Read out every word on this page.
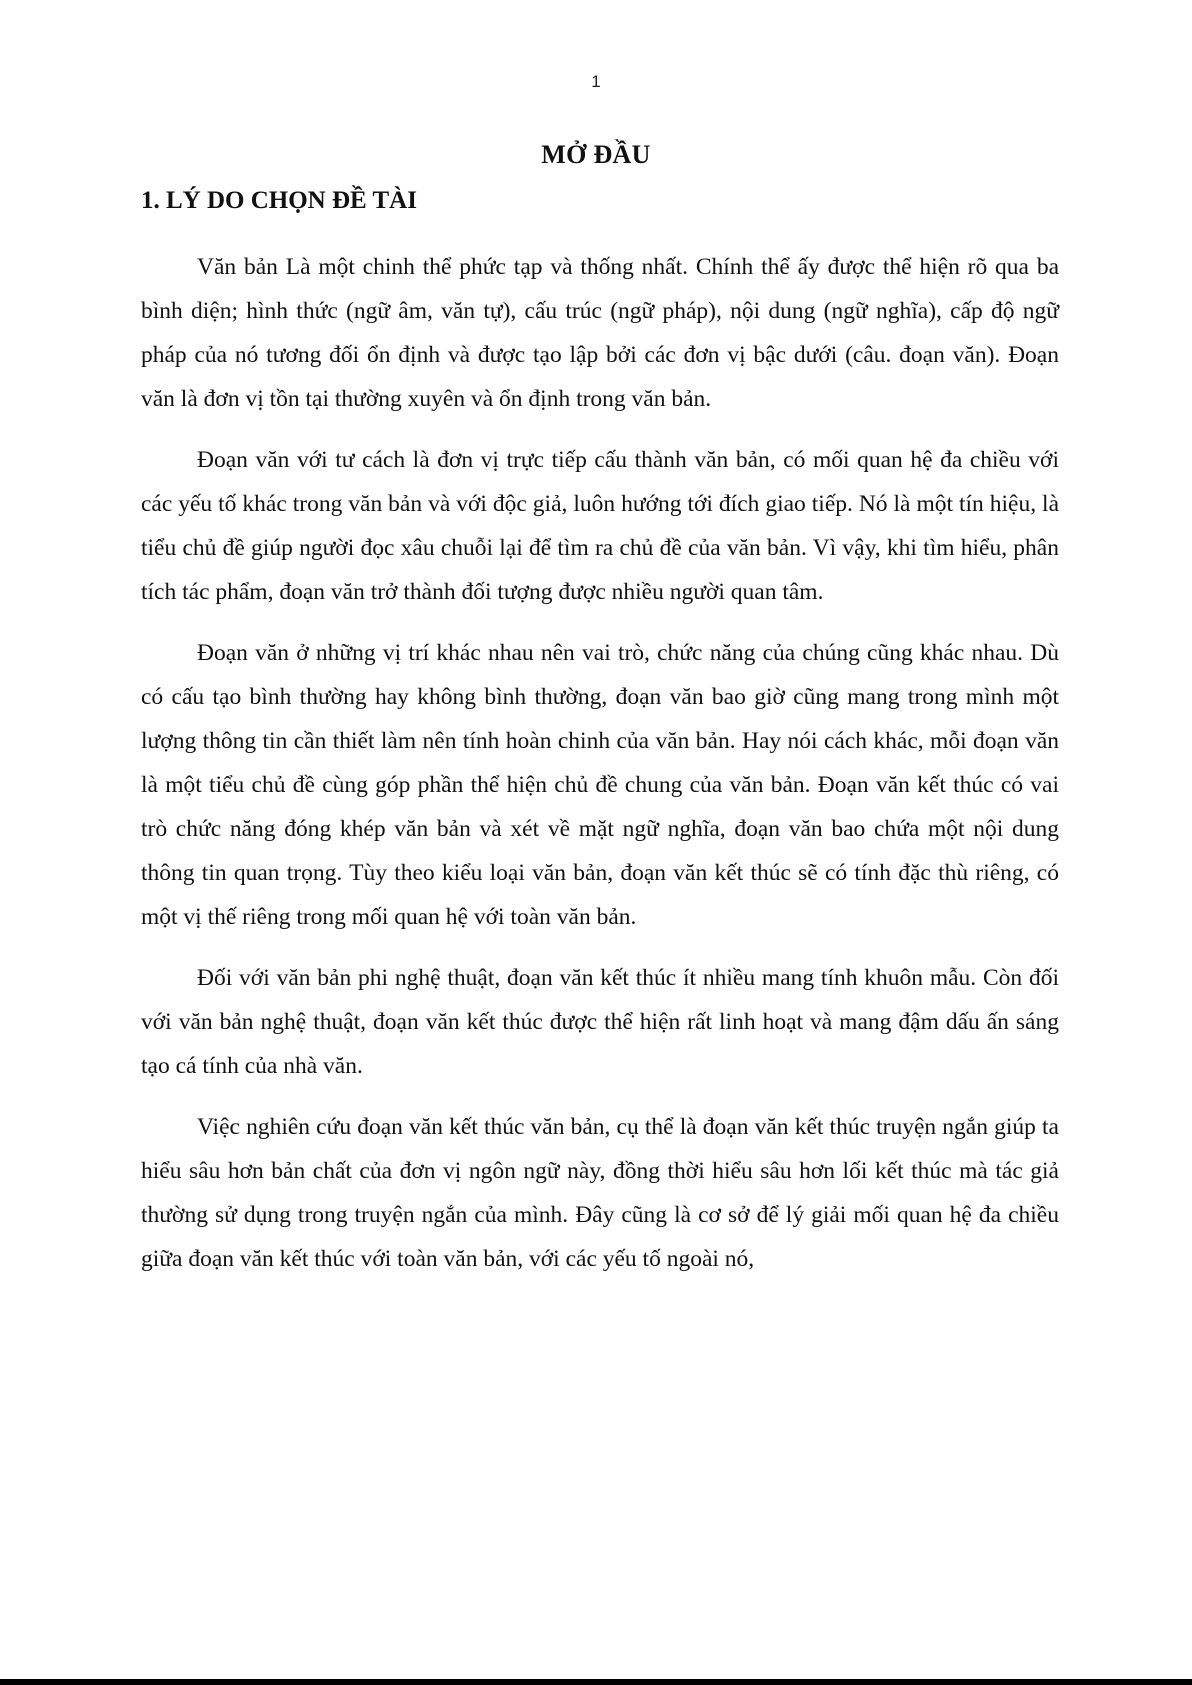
1
MỞ ĐẦU
1. LÝ DO CHỌN ĐỀ TÀI

Văn bản Là một chinh thể phức tạp và thống nhất. Chính thể ấy được thể hiện rõ qua ba bình diện; hình thức (ngữ âm, văn tự), cấu trúc (ngữ pháp), nội dung (ngữ nghĩa), cấp độ ngữ pháp của nó tương đối ổn định và được tạo lập bởi các đơn vị bậc dưới (câu. đoạn văn). Đoạn văn là đơn vị tồn tại thường xuyên và ổn định trong văn bản.

Đoạn văn với tư cách là đơn vị trực tiếp cấu thành văn bản, có mối quan hệ đa chiều với các yếu tố khác trong văn bản và với độc giả, luôn hướng tới đích giao tiếp. Nó là một tín hiệu, là tiểu chủ đề giúp người đọc xâu chuỗi lại để tìm ra chủ đề của văn bản. Vì vậy, khi tìm hiểu, phân tích tác phẩm, đoạn văn trở thành đối tượng được nhiều người quan tâm.

Đoạn văn ở những vị trí khác nhau nên vai trò, chức năng của chúng cũng khác nhau. Dù có cấu tạo bình thường hay không bình thường, đoạn văn bao giờ cũng mang trong mình một lượng thông tin cần thiết làm nên tính hoàn chinh của văn bản. Hay nói cách khác, mỗi đoạn văn là một tiểu chủ đề cùng góp phần thể hiện chủ đề chung của văn bản. Đoạn văn kết thúc có vai trò chức năng đóng khép văn bản và xét về mặt ngữ nghĩa, đoạn văn bao chứa một nội dung thông tin quan trọng. Tùy theo kiểu loại văn bản, đoạn văn kết thúc sẽ có tính đặc thù riêng, có một vị thế riêng trong mối quan hệ với toàn văn bản.

Đối với văn bản phi nghệ thuật, đoạn văn kết thúc ít nhiều mang tính khuôn mẫu. Còn đối với văn bản nghệ thuật, đoạn văn kết thúc được thể hiện rất linh hoạt và mang đậm dấu ấn sáng tạo cá tính của nhà văn.

Việc nghiên cứu đoạn văn kết thúc văn bản, cụ thể là đoạn văn kết thúc truyện ngắn giúp ta hiểu sâu hơn bản chất của đơn vị ngôn ngữ này, đồng thời hiểu sâu hơn lối kết thúc mà tác giả thường sử dụng trong truyện ngắn của mình. Đây cũng là cơ sở để lý giải mối quan hệ đa chiều giữa đoạn văn kết thúc với toàn văn bản, với các yếu tố ngoài nó,
